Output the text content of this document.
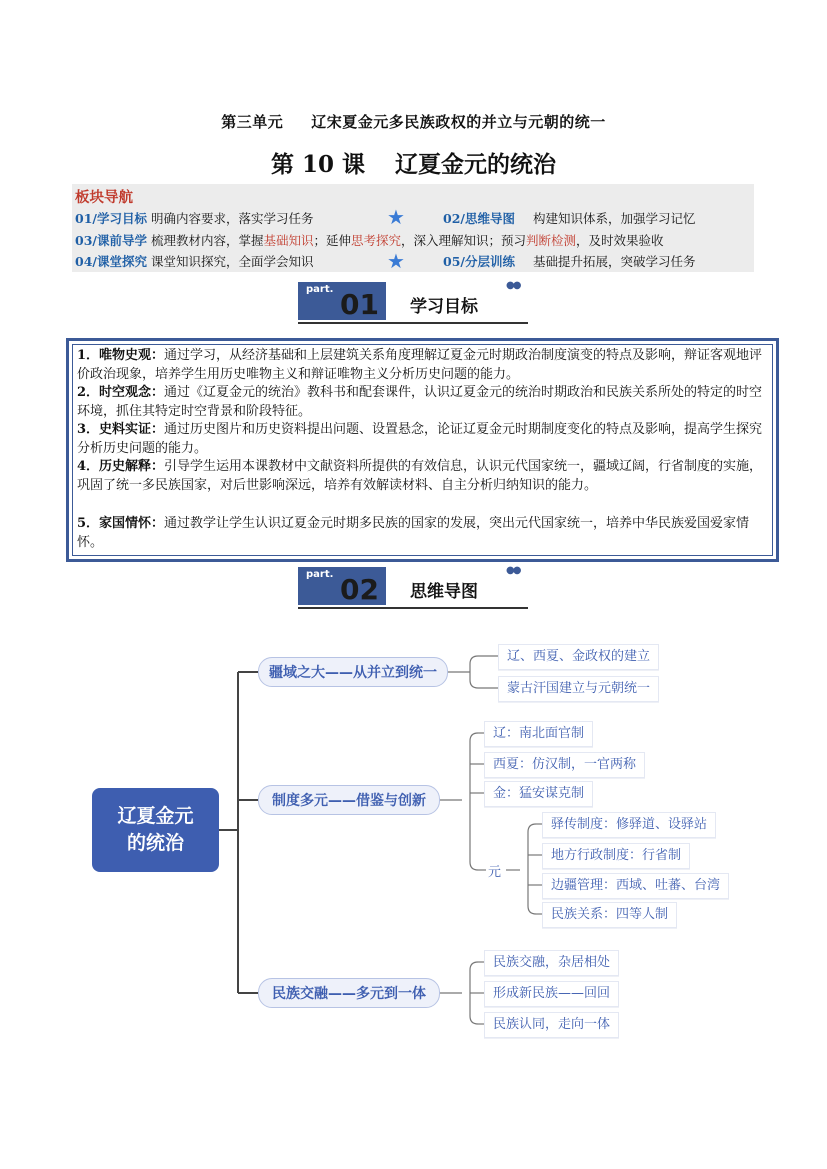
第三单元 辽宋夏金元多民族政权的并立与元朝的统一
第 10 课 辽夏金元的统治
板块导航
01/学习目标 明确内容要求，落实学习任务	★	02/思维导图 构建知识体系，加强学习记忆
03/课前导学 梳理教材内容，掌握基础知识；延伸思考探究，深入理解知识；预习判断检测，及时效果验收
04/课堂探究 课堂知识探究，全面学会知识	★	05/分层训练 基础提升拓展，突破学习任务
part. 01 学习目标
●●
1．唯物史观：通过学习，从经济基础和上层建筑关系角度理解辽夏金元时期政治制度演变的特点及影响，辩证客观地评价政治现象，培养学生用历史唯物主义和辩证唯物主义分析历史问题的能力。
2．时空观念：通过《辽夏金元的统治》教科书和配套课件，认识辽夏金元的统治时期政治和民族关系所处的特定的时空环境，抓住其特定时空背景和阶段特征。
3．史料实证：通过历史图片和历史资料提出问题、设置悬念，论证辽夏金元时期制度变化的特点及影响，提高学生探究分析历史问题的能力。
4．历史解释：引导学生运用本课教材中文献资料所提供的有效信息，认识元代国家统一，疆域辽阔，行省制度的实施，巩固了统一多民族国家，对后世影响深远，培养有效解读材料、自主分析归纳知识的能力。
5．家国情怀：通过教学让学生认识辽夏金元时期多民族的国家的发展，突出元代国家统一，培养中华民族爱国爱家情怀。
part. 02 思维导图
●●
辽夏金元
的统治
疆域之大——从并立到统一
辽、西夏、金政权的建立
蒙古汗国建立与元朝统一
制度多元——借鉴与创新
辽：南北面官制
西夏：仿汉制，一官两称
金：猛安谋克制
元
驿传制度：修驿道、设驿站
地方行政制度：行省制
边疆管理：西域、吐蕃、台湾
民族关系：四等人制
民族交融——多元到一体
民族交融，杂居相处
形成新民族——回回
民族认同，走向一体
